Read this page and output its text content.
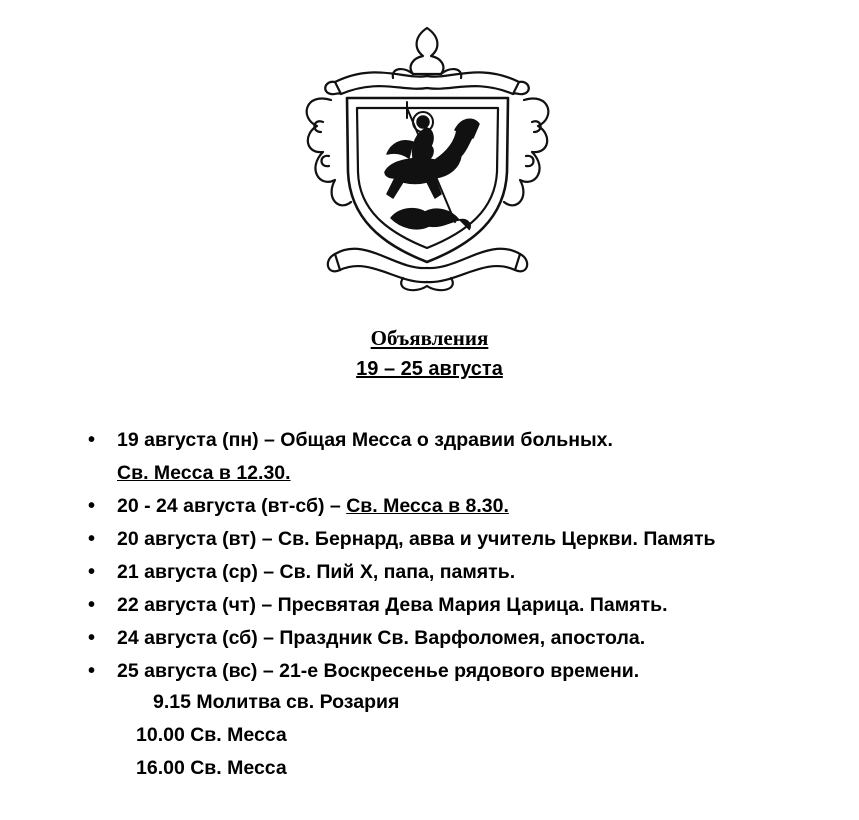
Объявления
19 – 25 августа
• 19 августа (пн) – Общая Месса о здравии больных.
Св. Месса в 12.30.
• 20 - 24 августа (вт-сб) – Св. Месса в 8.30.
• 20 августа (вт) – Св. Бернард, авва и учитель Церкви. Память
• 21 августа (ср) – Св. Пий X, папа, память.
• 22 августа (чт) – Пресвятая Дева Мария Царица. Память.
• 24 августа (сб) – Праздник Св. Варфоломея, апостола.
• 25 августа (вс) – 21-е Воскресенье рядового времени.
9.15 Молитва св. Розария
10.00 Св. Месса
16.00 Св. Месса
